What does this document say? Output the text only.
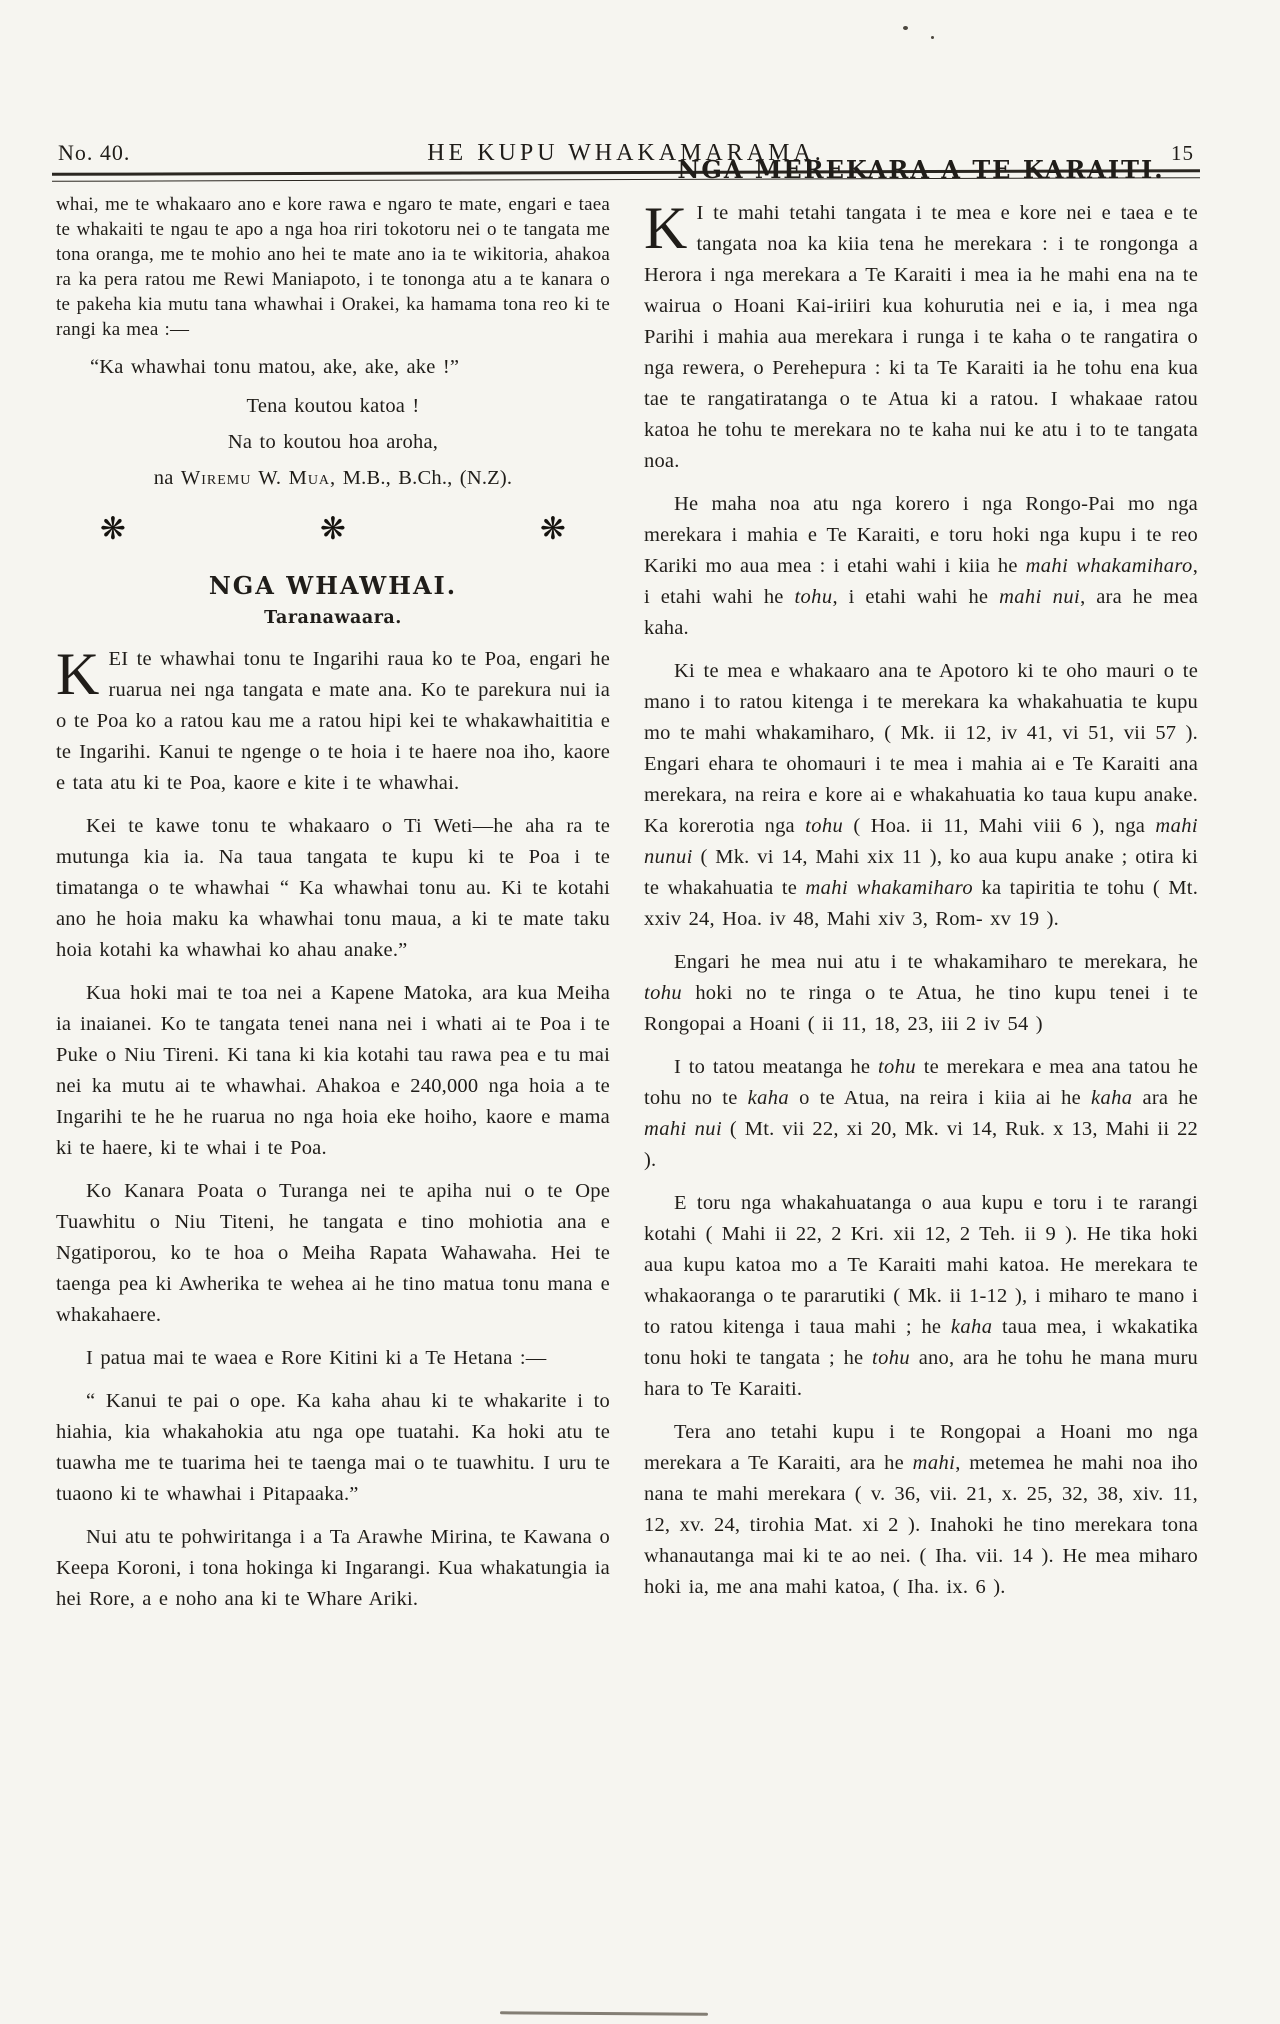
No. 40.	HE KUPU WHAKAMARAMA.	15

whai, me te whakaaro ano e kore rawa e ngaro te mate, engari e taea te whakaiti te ngau te apo a nga hoa riri tokotoru nei o te tangata me tona oranga, me te mohio ano hei te mate ano ia te wikitoria, ahakoa ra ka pera ratou me Rewi Maniapoto, i te tononga atu a te kanara o te pakeha kia mutu tana whawhai i Orakei, ka hamama tona reo ki te rangi ka mea :—

“Ka whawhai tonu matou, ake, ake, ake !”

Tena koutou katoa !

Na to koutou hoa aroha,

na Wiremu W. Mua, M.B., B.Ch., (N.Z).

❋	❋	❋
NGA WHAWHAI.
Taranawaara.

KEI te whawhai tonu te Ingarihi raua ko te Poa, engari he ruarua nei nga tangata e mate ana. Ko te parekura nui ia o te Poa ko a ratou kau me a ratou hipi kei te whakawhaititia e te Ingarihi. Kanui te ngenge o te hoia i te haere noa iho, kaore e tata atu ki te Poa, kaore e kite i te whawhai.

Kei te kawe tonu te whakaaro o Ti Weti—he aha ra te mutunga kia ia. Na taua tangata te kupu ki te Poa i te timatanga o te whawhai “ Ka whawhai tonu au. Ki te kotahi ano he hoia maku ka whawhai tonu maua, a ki te mate taku hoia kotahi ka whawhai ko ahau anake.”

Kua hoki mai te toa nei a Kapene Matoka, ara kua Meiha ia inaianei. Ko te tangata tenei nana nei i whati ai te Poa i te Puke o Niu Tireni. Ki tana ki kia kotahi tau rawa pea e tu mai nei ka mutu ai te whawhai. Ahakoa e 240,000 nga hoia a te Ingarihi te he he ruarua no nga hoia eke hoiho, kaore e mama ki te haere, ki te whai i te Poa.

Ko Kanara Poata o Turanga nei te apiha nui o te Ope Tuawhitu o Niu Titeni, he tangata e tino mohiotia ana e Ngatiporou, ko te hoa o Meiha Rapata Wahawaha. Hei te taenga pea ki Awherika te wehea ai he tino matua tonu mana e whakahaere.

I patua mai te waea e Rore Kitini ki a Te Hetana :—

“ Kanui te pai o ope. Ka kaha ahau ki te whakarite i to hiahia, kia whakahokia atu nga ope tuatahi. Ka hoki atu te tuawha me te tuarima hei te taenga mai o te tuawhitu. I uru te tuaono ki te whawhai i Pitapaaka.”

Nui atu te pohwiritanga i a Ta Arawhe Mirina, te Kawana o Keepa Koroni, i tona hokinga ki Ingarangi. Kua whakatungia ia hei Rore, a e noho ana ki te Whare Ariki.

NGA MEREKARA A TE KARAITI.

K I te mahi tetahi tangata i te mea e kore nei e taea e te tangata noa ka kiia tena he merekara : i te rongonga a Herora i nga merekara a Te Karaiti i mea ia he mahi ena na te wairua o Hoani Kai-iriiri kua kohurutia nei e ia, i mea nga Parihi i mahia aua merekara i runga i te kaha o te rangatira o nga rewera, o Perehepura : ki ta Te Karaiti ia he tohu ena kua tae te rangatiratanga o te Atua ki a ratou. I whakaae ratou katoa he tohu te merekara no te kaha nui ke atu i to te tangata noa.

He maha noa atu nga korero i nga Rongo-Pai mo nga merekara i mahia e Te Karaiti, e toru hoki nga kupu i te reo Kariki mo aua mea : i etahi wahi i kiia he mahi whakamiharo, i etahi wahi he tohu, i etahi wahi he mahi nui, ara he mea kaha.

Ki te mea e whakaaro ana te Apotoro ki te oho mauri o te mano i to ratou kitenga i te merekara ka whakahuatia te kupu mo te mahi whakamiharo, ( Mk. ii 12, iv 41, vi 51, vii 57 ). Engari ehara te ohomauri i te mea i mahia ai e Te Karaiti ana merekara, na reira e kore ai e whakahuatia ko taua kupu anake. Ka korerotia nga tohu ( Hoa. ii 11, Mahi viii 6 ), nga mahi nunui ( Mk. vi 14, Mahi xix 11 ), ko aua kupu anake ; otira ki te whakahuatia te mahi whakamiharo ka tapiritia te tohu ( Mt. xxiv 24, Hoa. iv 48, Mahi xiv 3, Rom- xv 19 ).

Engari he mea nui atu i te whakamiharo te merekara, he tohu hoki no te ringa o te Atua, he tino kupu tenei i te Rongopai a Hoani ( ii 11, 18, 23, iii 2 iv 54 )

I to tatou meatanga he tohu te merekara e mea ana tatou he tohu no te kaha o te Atua, na reira i kiia ai he kaha ara he mahi nui ( Mt. vii 22, xi 20, Mk. vi 14, Ruk. x 13, Mahi ii 22 ).

E toru nga whakahuatanga o aua kupu e toru i te rarangi kotahi ( Mahi ii 22, 2 Kri. xii 12, 2 Teh. ii 9 ). He tika hoki aua kupu katoa mo a Te Karaiti mahi katoa. He merekara te whakaoranga o te pararutiki ( Mk. ii 1-12 ), i miharo te mano i to ratou kitenga i taua mahi ; he kaha taua mea, i wkakatika tonu hoki te tangata ; he tohu ano, ara he tohu he mana muru hara to Te Karaiti.

Tera ano tetahi kupu i te Rongopai a Hoani mo nga merekara a Te Karaiti, ara he mahi, metemea he mahi noa iho nana te mahi merekara ( v. 36, vii. 21, x. 25, 32, 38, xiv. 11, 12, xv. 24, tirohia Mat. xi 2 ). Inahoki he tino merekara tona whanautanga mai ki te ao nei. ( Iha. vii. 14 ). He mea miharo hoki ia, me ana mahi katoa, ( Iha. ix. 6 ).
